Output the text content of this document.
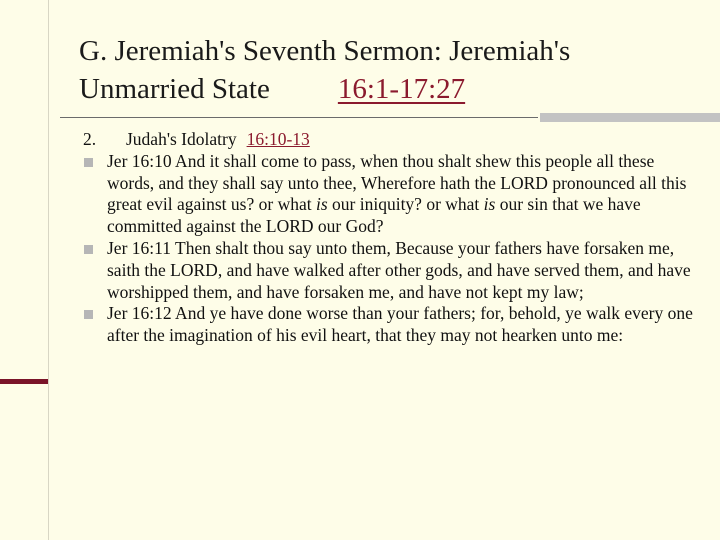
G. Jeremiah's Seventh Sermon: Jeremiah's
Unmarried State 16:1-17:27
2.	Judah's Idolatry 16:10-13
Jer 16:10 And it shall come to pass, when thou shalt shew this people all these words, and they shall say unto thee, Wherefore hath the LORD pronounced all this great evil against us? or what is our iniquity? or what is our sin that we have committed against the LORD our God?
Jer 16:11 Then shalt thou say unto them, Because your fathers have forsaken me, saith the LORD, and have walked after other gods, and have served them, and have worshipped them, and have forsaken me, and have not kept my law;
Jer 16:12 And ye have done worse than your fathers; for, behold, ye walk every one after the imagination of his evil heart, that they may not hearken unto me:
